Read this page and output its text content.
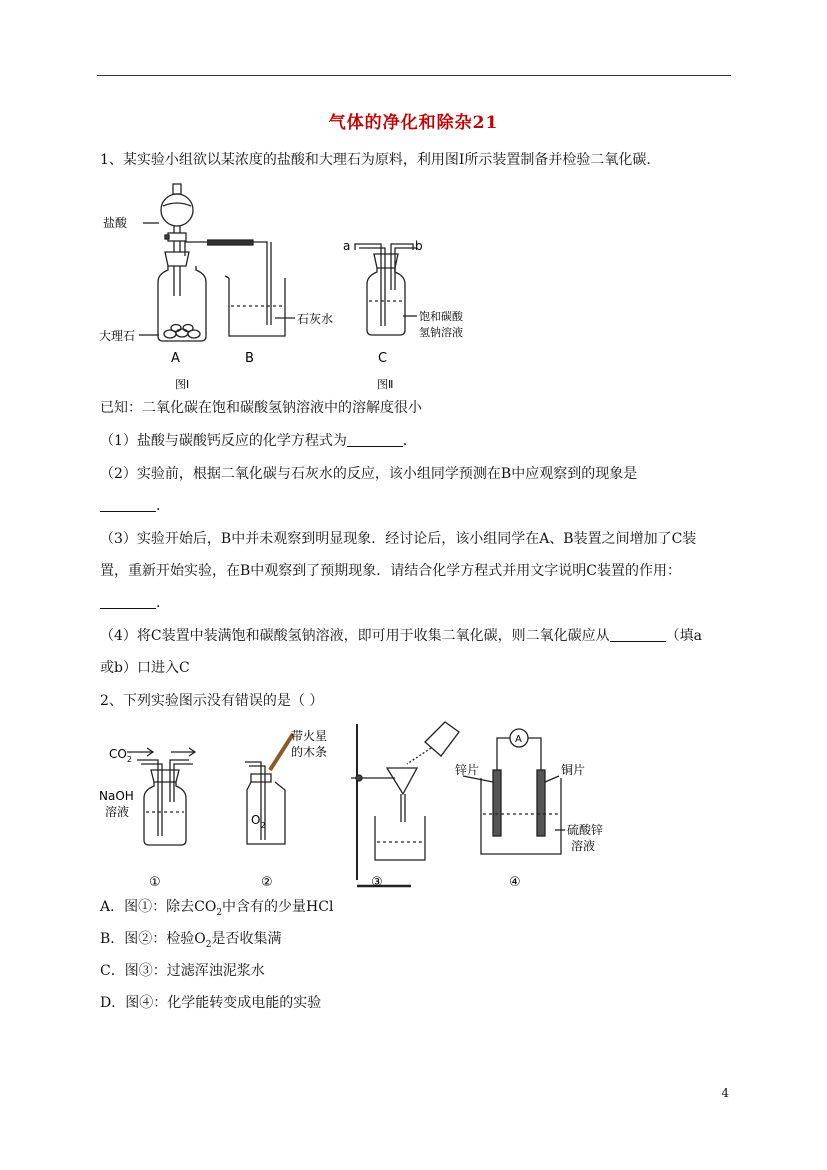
气体的净化和除杂21
1、某实验小组欲以某浓度的盐酸和大理石为原料，利用图Ⅰ所示装置制备并检验二氧化碳．
盐酸
大理石
石灰水	饱和碳酸
氢钠溶液
a	b
A	B	C
图Ⅰ	图Ⅱ
已知：二氧化碳在饱和碳酸氢钠溶液中的溶解度很小
（1）盐酸与碳酸钙反应的化学方程式为	．
（2）实验前，根据二氧化碳与石灰水的反应，该小组同学预测在B中应观察到的现象是
．
（3）实验开始后，B中并未观察到明显现象．经讨论后，该小组同学在A、B装置之间增加了C装
置，重新开始实验，在B中观察到了预期现象．请结合化学方程式并用文字说明C装置的作用：
．
（4）将C装置中装满饱和碳酸氢钠溶液，即可用于收集二氧化碳，则二氧化碳应从	（填a
或b）口进入C
2、下列实验图示没有错误的是（ ）
$CO_2$
NaOH
溶液
带火星
的木条
$O_2$
A
锌片	铜片
硫酸锌
溶液
①	②	③	④
A．图①：除去$CO_2$中含有的少量HCl
B．图②：检验$O_2$是否收集满
C．图③：过滤浑浊泥浆水
D．图④：化学能转变成电能的实验
4
